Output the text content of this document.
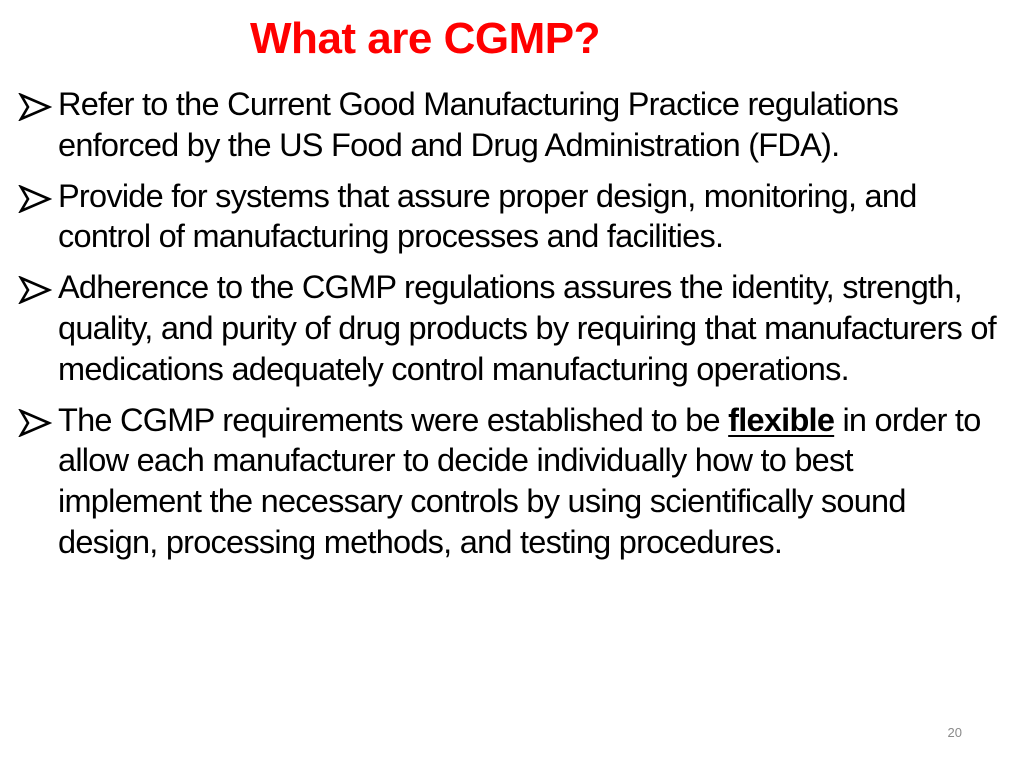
What are CGMP?
Refer to the Current Good Manufacturing Practice regulations enforced by the US Food and Drug Administration (FDA).
Provide for systems that assure proper design, monitoring, and control of manufacturing processes and facilities.
Adherence to the CGMP regulations assures the identity, strength, quality, and purity of drug products by requiring that manufacturers of medications adequately control manufacturing operations.
The CGMP requirements were established to be flexible in order to allow each manufacturer to decide individually how to best implement the necessary controls by using scientifically sound design, processing methods, and testing procedures.
20
